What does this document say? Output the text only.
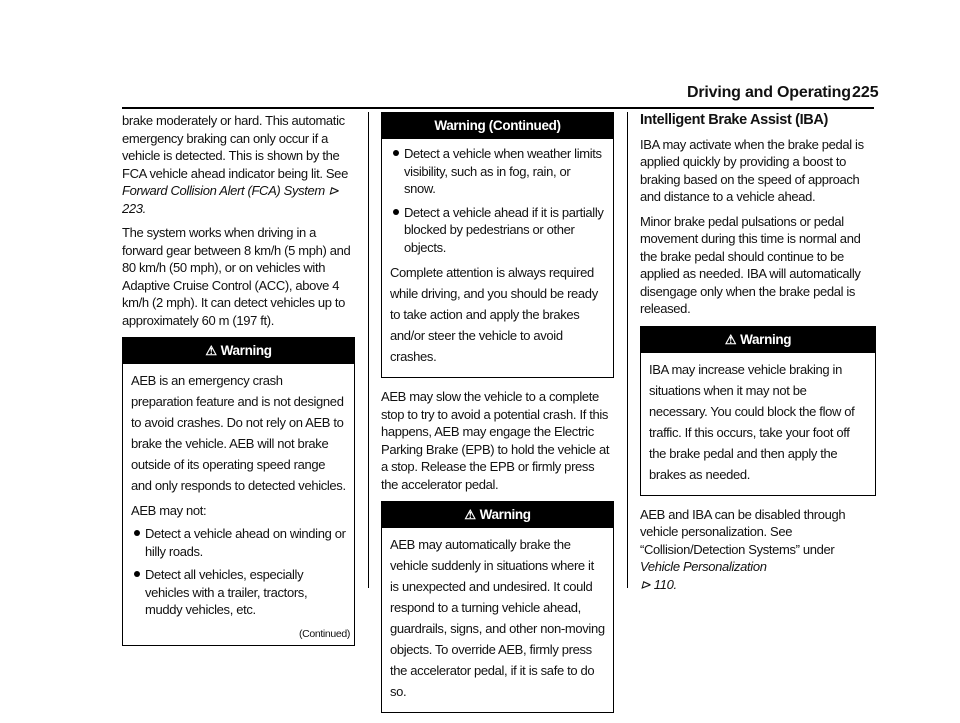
Driving and Operating 225

brake moderately or hard. This automatic emergency braking can only occur if a vehicle is detected. This is shown by the FCA vehicle ahead indicator being lit. See Forward Collision Alert (FCA) System ⊳ 223.

The system works when driving in a forward gear between 8 km/h (5 mph) and 80 km/h (50 mph), or on vehicles with Adaptive Cruise Control (ACC), above 4 km/h (2 mph). It can detect vehicles up to approximately 60 m (197 ft).

⚠ Warning

AEB is an emergency crash preparation feature and is not designed to avoid crashes. Do not rely on AEB to brake the vehicle. AEB will not brake outside of its operating speed range and only responds to detected vehicles.

AEB may not:

Detect a vehicle ahead on winding or hilly roads.
Detect all vehicles, especially vehicles with a trailer, tractors, muddy vehicles, etc.
(Continued)
Warning (Continued)
Detect a vehicle when weather limits visibility, such as in fog, rain, or snow.
Detect a vehicle ahead if it is partially blocked by pedestrians or other objects.

Complete attention is always required while driving, and you should be ready to take action and apply the brakes and/or steer the vehicle to avoid crashes.

AEB may slow the vehicle to a complete stop to try to avoid a potential crash. If this happens, AEB may engage the Electric Parking Brake (EPB) to hold the vehicle at a stop. Release the EPB or firmly press the accelerator pedal.

⚠ Warning

AEB may automatically brake the vehicle suddenly in situations where it is unexpected and undesired. It could respond to a turning vehicle ahead, guardrails, signs, and other non-moving objects. To override AEB, firmly press the accelerator pedal, if it is safe to do so.

Intelligent Brake Assist (IBA)

IBA may activate when the brake pedal is applied quickly by providing a boost to braking based on the speed of approach and distance to a vehicle ahead.

Minor brake pedal pulsations or pedal movement during this time is normal and the brake pedal should continue to be applied as needed. IBA will automatically disengage only when the brake pedal is released.

⚠ Warning

IBA may increase vehicle braking in situations when it may not be necessary. You could block the flow of traffic. If this occurs, take your foot off the brake pedal and then apply the brakes as needed.

AEB and IBA can be disabled through vehicle personalization. See “Collision/Detection Systems” under Vehicle Personalization
⊳ 110.
